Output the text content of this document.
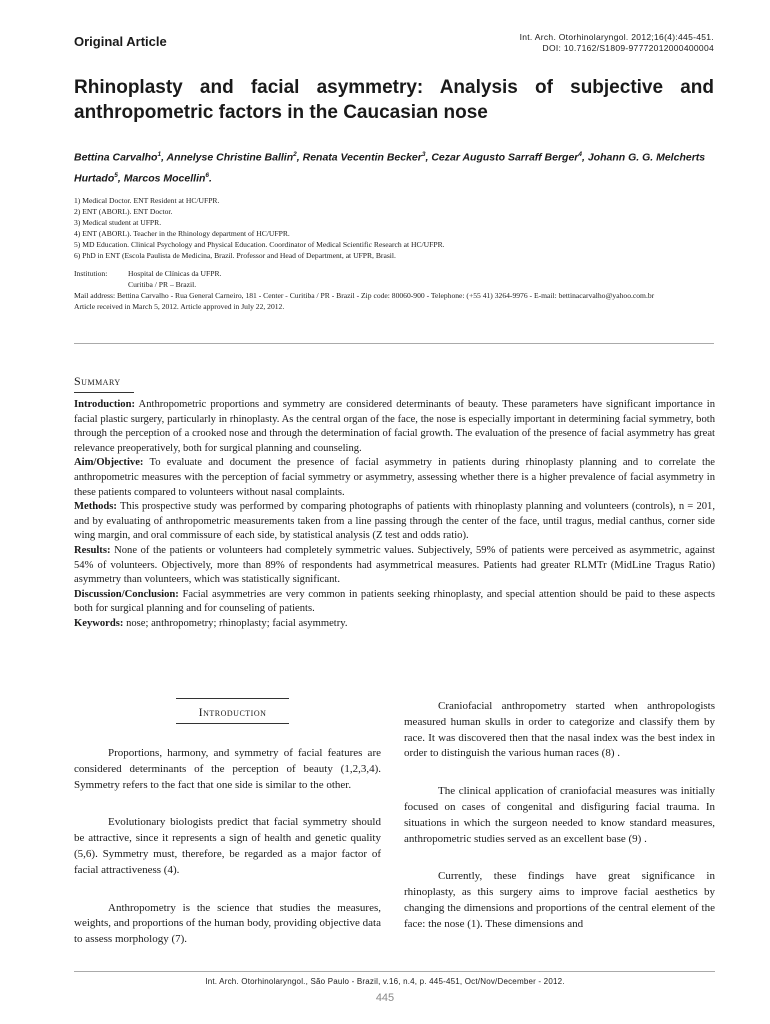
Original Article	Int. Arch. Otorhinolaryngol. 2012;16(4):445-451.
DOI: 10.7162/S1809-97772012000400004
Rhinoplasty and facial asymmetry: Analysis of subjective and
anthropometric factors in the Caucasian nose
Bettina Carvalho$^1$, Annelyse Christine Ballin$^2$, Renata Vecentin Becker$^3$, Cezar Augusto Sarraff Berger$^4$, Johann G. G. Melcherts Hurtado$^5$, Marcos Mocellin$^6$.
1) Medical Doctor. ENT Resident at HC/UFPR.
2) ENT (ABORL). ENT Doctor.
3) Medical student at UFPR.
4) ENT (ABORL). Teacher in the Rhinology department of HC/UFPR.
5) MD Education. Clinical Psychology and Physical Education. Coordinator of Medical Scientific Research at HC/UFPR.
6) PhD in ENT (Escola Paulista de Medicina, Brazil. Professor and Head of Department, at UFPR, Brasil.
Institution:	Hospital de Clínicas da UFPR.
Curitiba / PR – Brazil.
Mail address: Bettina Carvalho - Rua General Carneiro, 181 - Center - Curitiba / PR - Brazil - Zip code: 80060-900 - Telephone: (+55 41) 3264-9976 - E-mail: bettinacarvalho@yahoo.com.br
Article received in March 5, 2012. Article approved in July 22, 2012.
Summary

Introduction: Anthropometric proportions and symmetry are considered determinants of beauty. These parameters have significant importance in facial plastic surgery, particularly in rhinoplasty. As the central organ of the face, the nose is especially important in determining facial symmetry, both through the perception of a crooked nose and through the determination of facial growth. The evaluation of the presence of facial asymmetry has great relevance preoperatively, both for surgical planning and counseling.

Aim/Objective: To evaluate and document the presence of facial asymmetry in patients during rhinoplasty planning and to correlate the anthropometric measures with the perception of facial symmetry or asymmetry, assessing whether there is a higher prevalence of facial asymmetry in these patients compared to volunteers without nasal complaints.

Methods: This prospective study was performed by comparing photographs of patients with rhinoplasty planning and volunteers (controls), n = 201, and by evaluating of anthropometric measurements taken from a line passing through the center of the face, until tragus, medial canthus, corner side wing margin, and oral commissure of each side, by statistical analysis (Z test and odds ratio).

Results: None of the patients or volunteers had completely symmetric values. Subjectively, 59% of patients were perceived as asymmetric, against 54% of volunteers. Objectively, more than 89% of respondents had asymmetrical measures. Patients had greater RLMTr (MidLine Tragus Ratio) asymmetry than volunteers, which was statistically significant.

Discussion/Conclusion: Facial asymmetries are very common in patients seeking rhinoplasty, and special attention should be paid to these aspects both for surgical planning and for counseling of patients.

Keywords: nose; anthropometry; rhinoplasty; facial asymmetry.

Introduction

Proportions, harmony, and symmetry of facial features are considered determinants of the perception of beauty (1,2,3,4). Symmetry refers to the fact that one side is similar to the other.

Evolutionary biologists predict that facial symmetry should be attractive, since it represents a sign of health and genetic quality (5,6). Symmetry must, therefore, be regarded as a major factor of facial attractiveness (4).

Anthropometry is the science that studies the measures, weights, and proportions of the human body, providing objective data to assess morphology (7).

Craniofacial anthropometry started when anthropologists measured human skulls in order to categorize and classify them by race. It was discovered then that the nasal index was the best index in order to distinguish the various human races (8) .

The clinical application of craniofacial measures was initially focused on cases of congenital and disfiguring facial trauma. In situations in which the surgeon needed to know standard measures, anthropometric studies served as an excellent base (9) .

Currently, these findings have great significance in rhinoplasty, as this surgery aims to improve facial aesthetics by changing the dimensions and proportions of the central element of the face: the nose (1). These dimensions and

Int. Arch. Otorhinolaryngol., São Paulo - Brazil, v.16, n.4, p. 445-451, Oct/Nov/December - 2012.
445
